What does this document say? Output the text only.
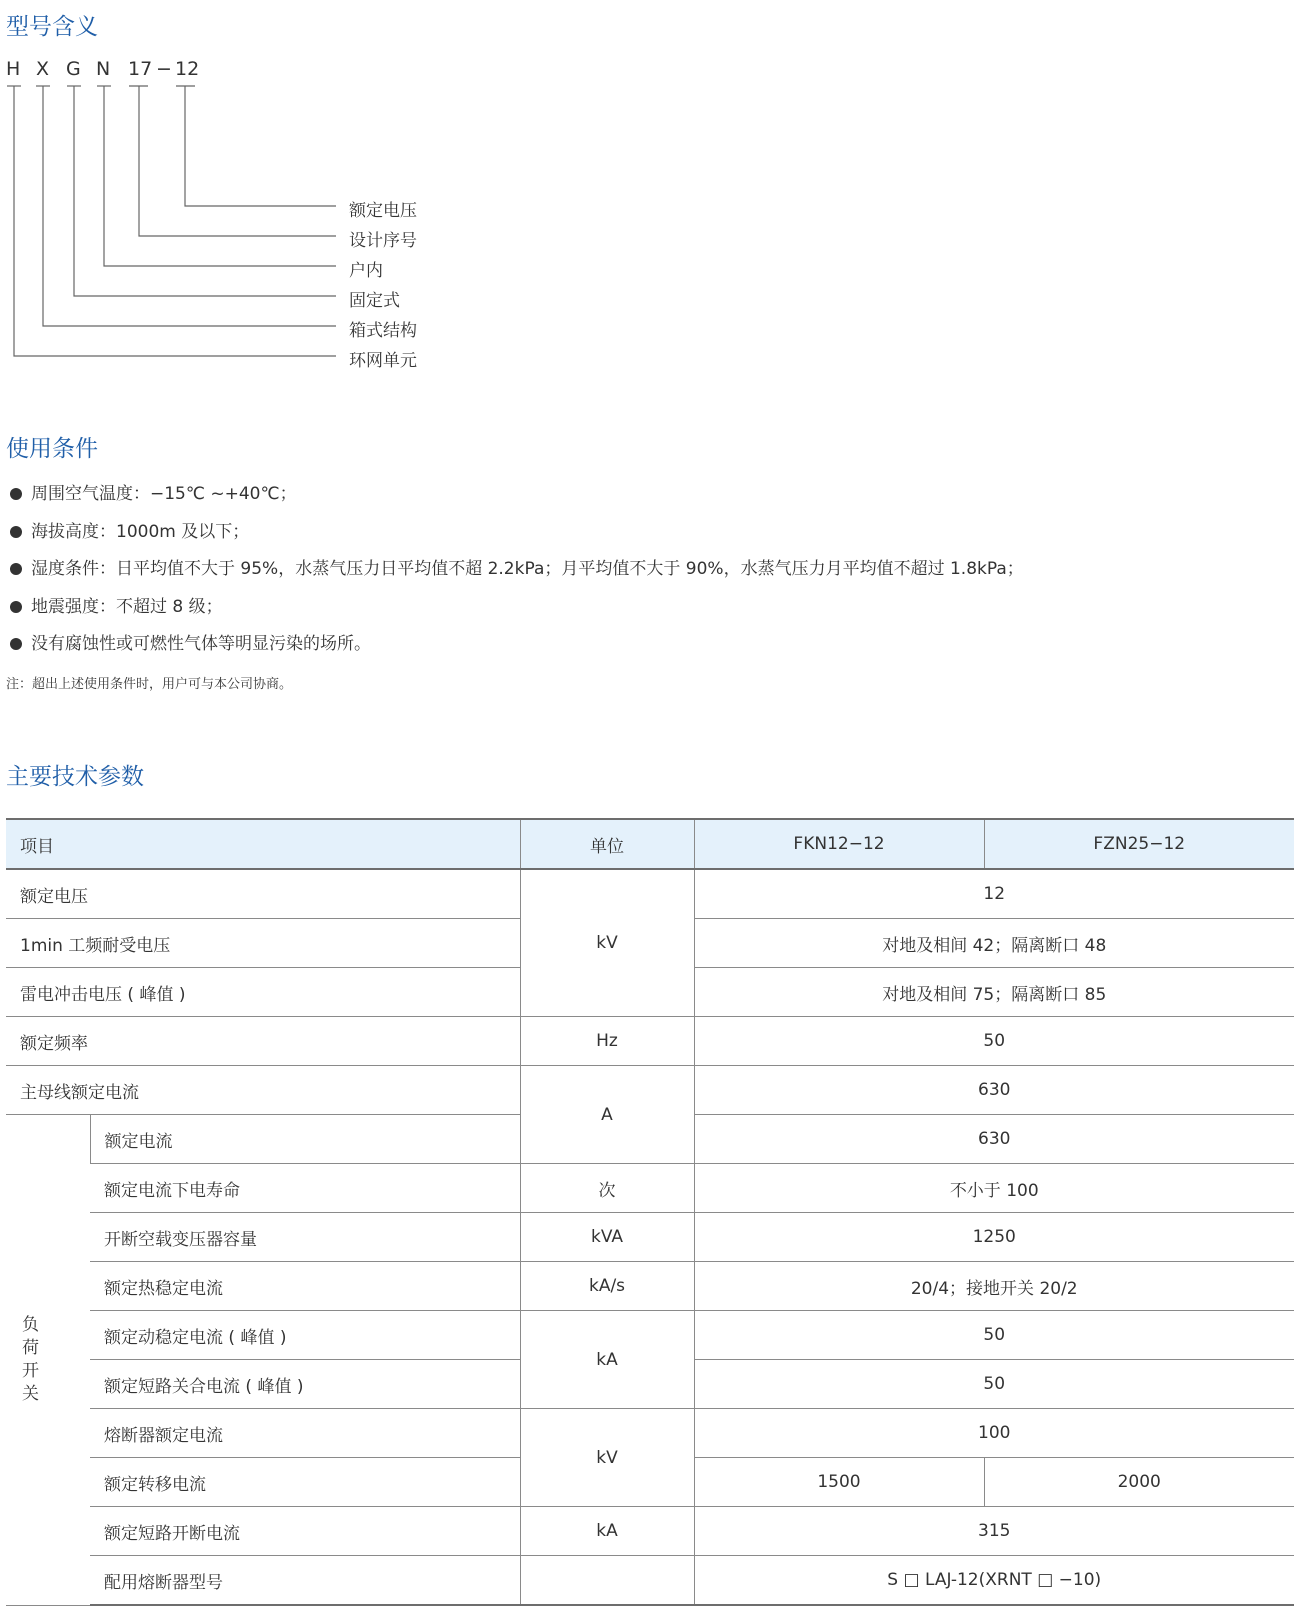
型号含义
H X G N 17 − 12
额定电压
设计序号
户内
固定式
箱式结构
环网单元
使用条件
周围空气温度：−15℃ ~+40℃；
海拔高度：1000m 及以下；
湿度条件：日平均值不大于 95%，水蒸气压力日平均值不超 2.2kPa；月平均值不大于 90%，水蒸气压力月平均值不超过 1.8kPa；
地震强度：不超过 8 级；
没有腐蚀性或可燃性气体等明显污染的场所。
注：超出上述使用条件时，用户可与本公司协商。
主要技术参数
项目		单位	FKN12−12	FZN25−12
额定电压		kV	12	
1min 工频耐受电压			对地及相间 42；隔离断口 48	
雷电冲击电压 ( 峰值 )			对地及相间 75；隔离断口 85	
额定频率		Hz	50	
主母线额定电流		A	630	

负荷开关	额定电流		630	
	额定电流下电寿命	次	不小于 100	
	开断空载变压器容量	kVA	1250	
	额定热稳定电流	kA/s	20/4；接地开关 20/2	
	额定动稳定电流 ( 峰值 )	kA	50	
	额定短路关合电流 ( 峰值 )		50	
	熔断器额定电流	kV	100	
	额定转移电流		1500	2000
	额定短路开断电流	kA	315	
	配用熔断器型号		S □ LAJ-12(XRNT □ −10)	
